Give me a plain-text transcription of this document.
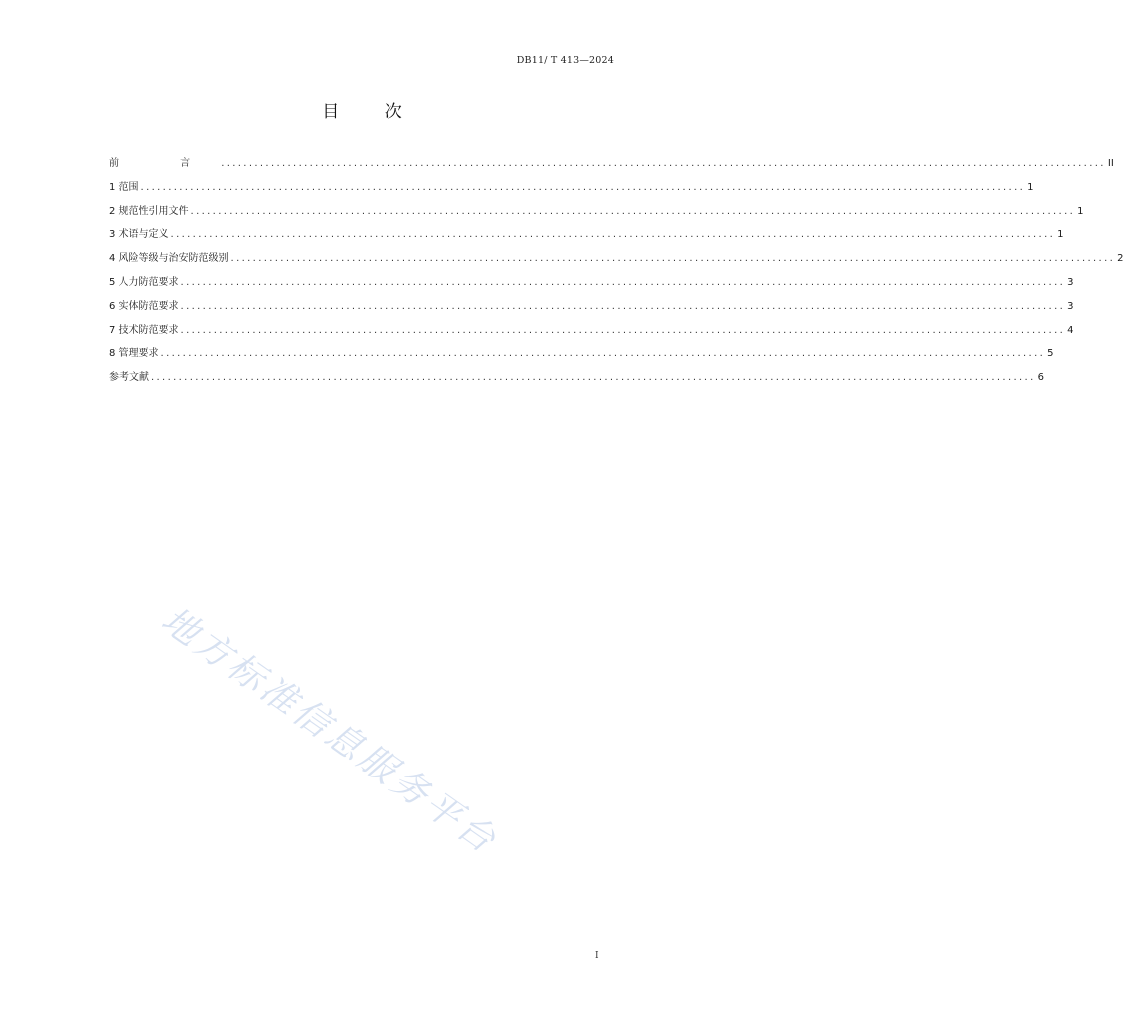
DB11/ T 413—2024
目 次
前 言 ................................................................................................................................................................ II
1 范围 ................................................................................................................................................................ 1
2 规范性引用文件 ................................................................................................................................................................ 1
3 术语与定义 ................................................................................................................................................................ 1
4 风险等级与治安防范级别 ................................................................................................................................................................ 2
5 人力防范要求 ................................................................................................................................................................ 3
6 实体防范要求 ................................................................................................................................................................ 3
7 技术防范要求 ................................................................................................................................................................ 4
8 管理要求 ................................................................................................................................................................ 5
参考文献 ................................................................................................................................................................ 6
地方标准信息服务平台
I
